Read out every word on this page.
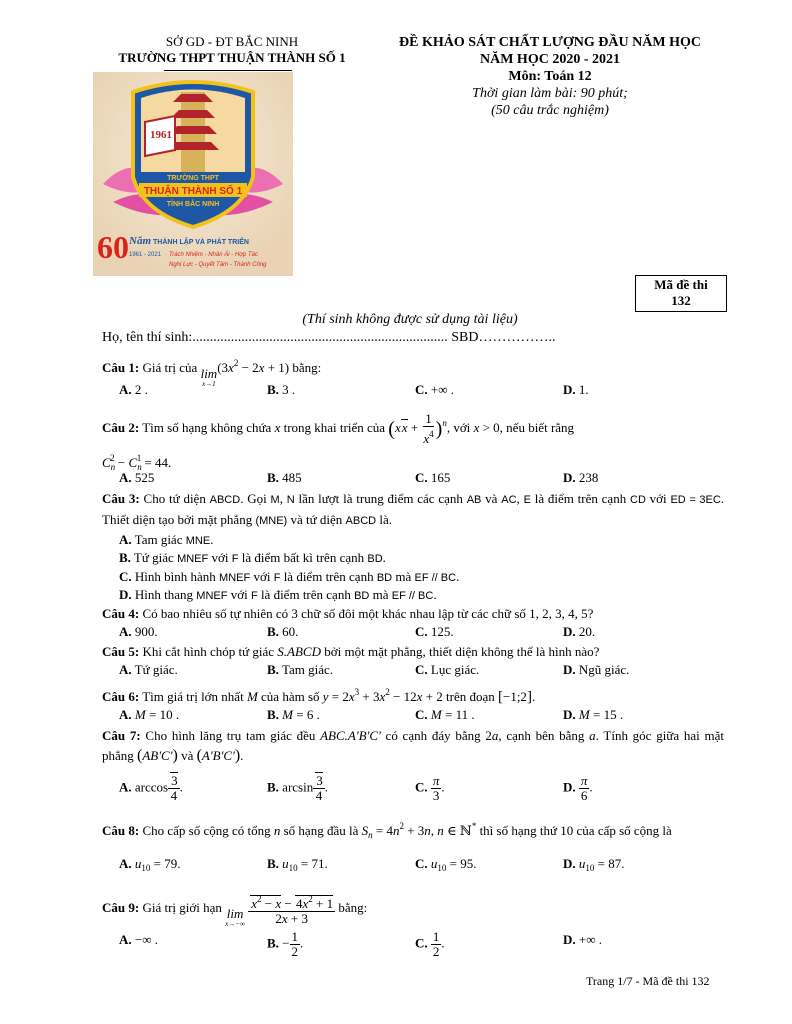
SỞ GD - ĐT BẮC NINH
TRƯỜNG THPT THUẬN THÀNH SỐ 1
ĐỀ KHẢO SÁT CHẤT LƯỢNG ĐẦU NĂM HỌC
NĂM HỌC 2020 - 2021
Môn: Toán 12
Thời gian làm bài: 90 phút;
(50 câu trắc nghiệm)
1961
TRƯỜNG THPT
THUẬN THÀNH SỐ 1
TỈNH BẮC NINH
60 Năm THÀNH LẬP VÀ PHÁT TRIỂN
1961 - 2021 Trách Nhiệm - Nhân Ái - Hợp Tác
Nghị Lực - Quyết Tâm - Thành Công
Mã đề thi
132
(Thí sinh không được sử dụng tài liệu)
Họ, tên thí sinh:......................................................................... SBD……………..
Câu 1: Giá trị của lim
x→1
$(3x^2 - 2x + 1)$ bằng:
A. 2 .	B. 3 .	C. +∞ .	D. 1.
Câu 2: Tìm số hạng không chứa x trong khai triển của $(xx + \frac{1}{x^4} )^n$, với x > 0, nếu biết rằng
$C_n^2 - C_n^1 = 44$.
A. 525	B. 485	C. 165	D. 238
Câu 3: Cho tứ diện ABCD. Gọi M, N lần lượt là trung điểm các cạnh AB và AC, E là điểm trên cạnh CD với ED = 3EC. Thiết diện tạo bởi mặt phẳng (MNE) và tứ diện ABCD là.
A. Tam giác MNE.
B. Tứ giác MNEF với F là điểm bất kì trên cạnh BD.
C. Hình bình hành MNEF với F là điểm trên cạnh BD mà EF // BC.
D. Hình thang MNEF với F là điểm trên cạnh BD mà EF // BC.
Câu 4: Có bao nhiêu số tự nhiên có 3 chữ số đôi một khác nhau lập từ các chữ số 1, 2, 3, 4, 5?
A. 900.	B. 60.	C. 125.	D. 20.
Câu 5: Khi cắt hình chóp tứ giác S.ABCD bởi một mặt phẳng, thiết diện không thể là hình nào?
A. Tứ giác.	B. Tam giác.	C. Lục giác.	D. Ngũ giác.
Câu 6: Tìm giá trị lớn nhất M của hàm số $y = 2x^3 + 3x^2 - 12x + 2$ trên đoạn [−1;2].
A. M = 10 .	B. M = 6 .	C. M = 11 .	D. M = 15 .
Câu 7: Cho hình lăng trụ tam giác đều ABC.A'B'C' có cạnh đáy bằng 2a, cạnh bên bằng a. Tính góc giữa hai mặt phẳng (AB'C') và (A'B'C').
A. $\arccos \frac{3}{4}$ .	B. $\arcsin \frac{3}{4}$ .	C. $\frac{\pi}{3}$ .	D. $\frac{\pi}{6}$ .
Câu 8: Cho cấp số cộng có tổng n số hạng đầu là $S_n = 4n^2 + 3n$, n ∈ ℕ* thì số hạng thứ 10 của cấp số cộng là
A. $u_{10} = 79$.	B. $u_{10} = 71$.	C. $u_{10} = 95$.	D. $u_{10} = 87$.
Câu 9: Giá trị giới hạn lim
x→−∞
$\frac{x^2 - x - 4x^2 + 1}{2x + 3}$ bằng:
A. −∞ .	B. − $\frac{1}{2}$ .	C. $\frac{1}{2}$ .	D. +∞ .
Trang 1/7 - Mã đề thi 132
